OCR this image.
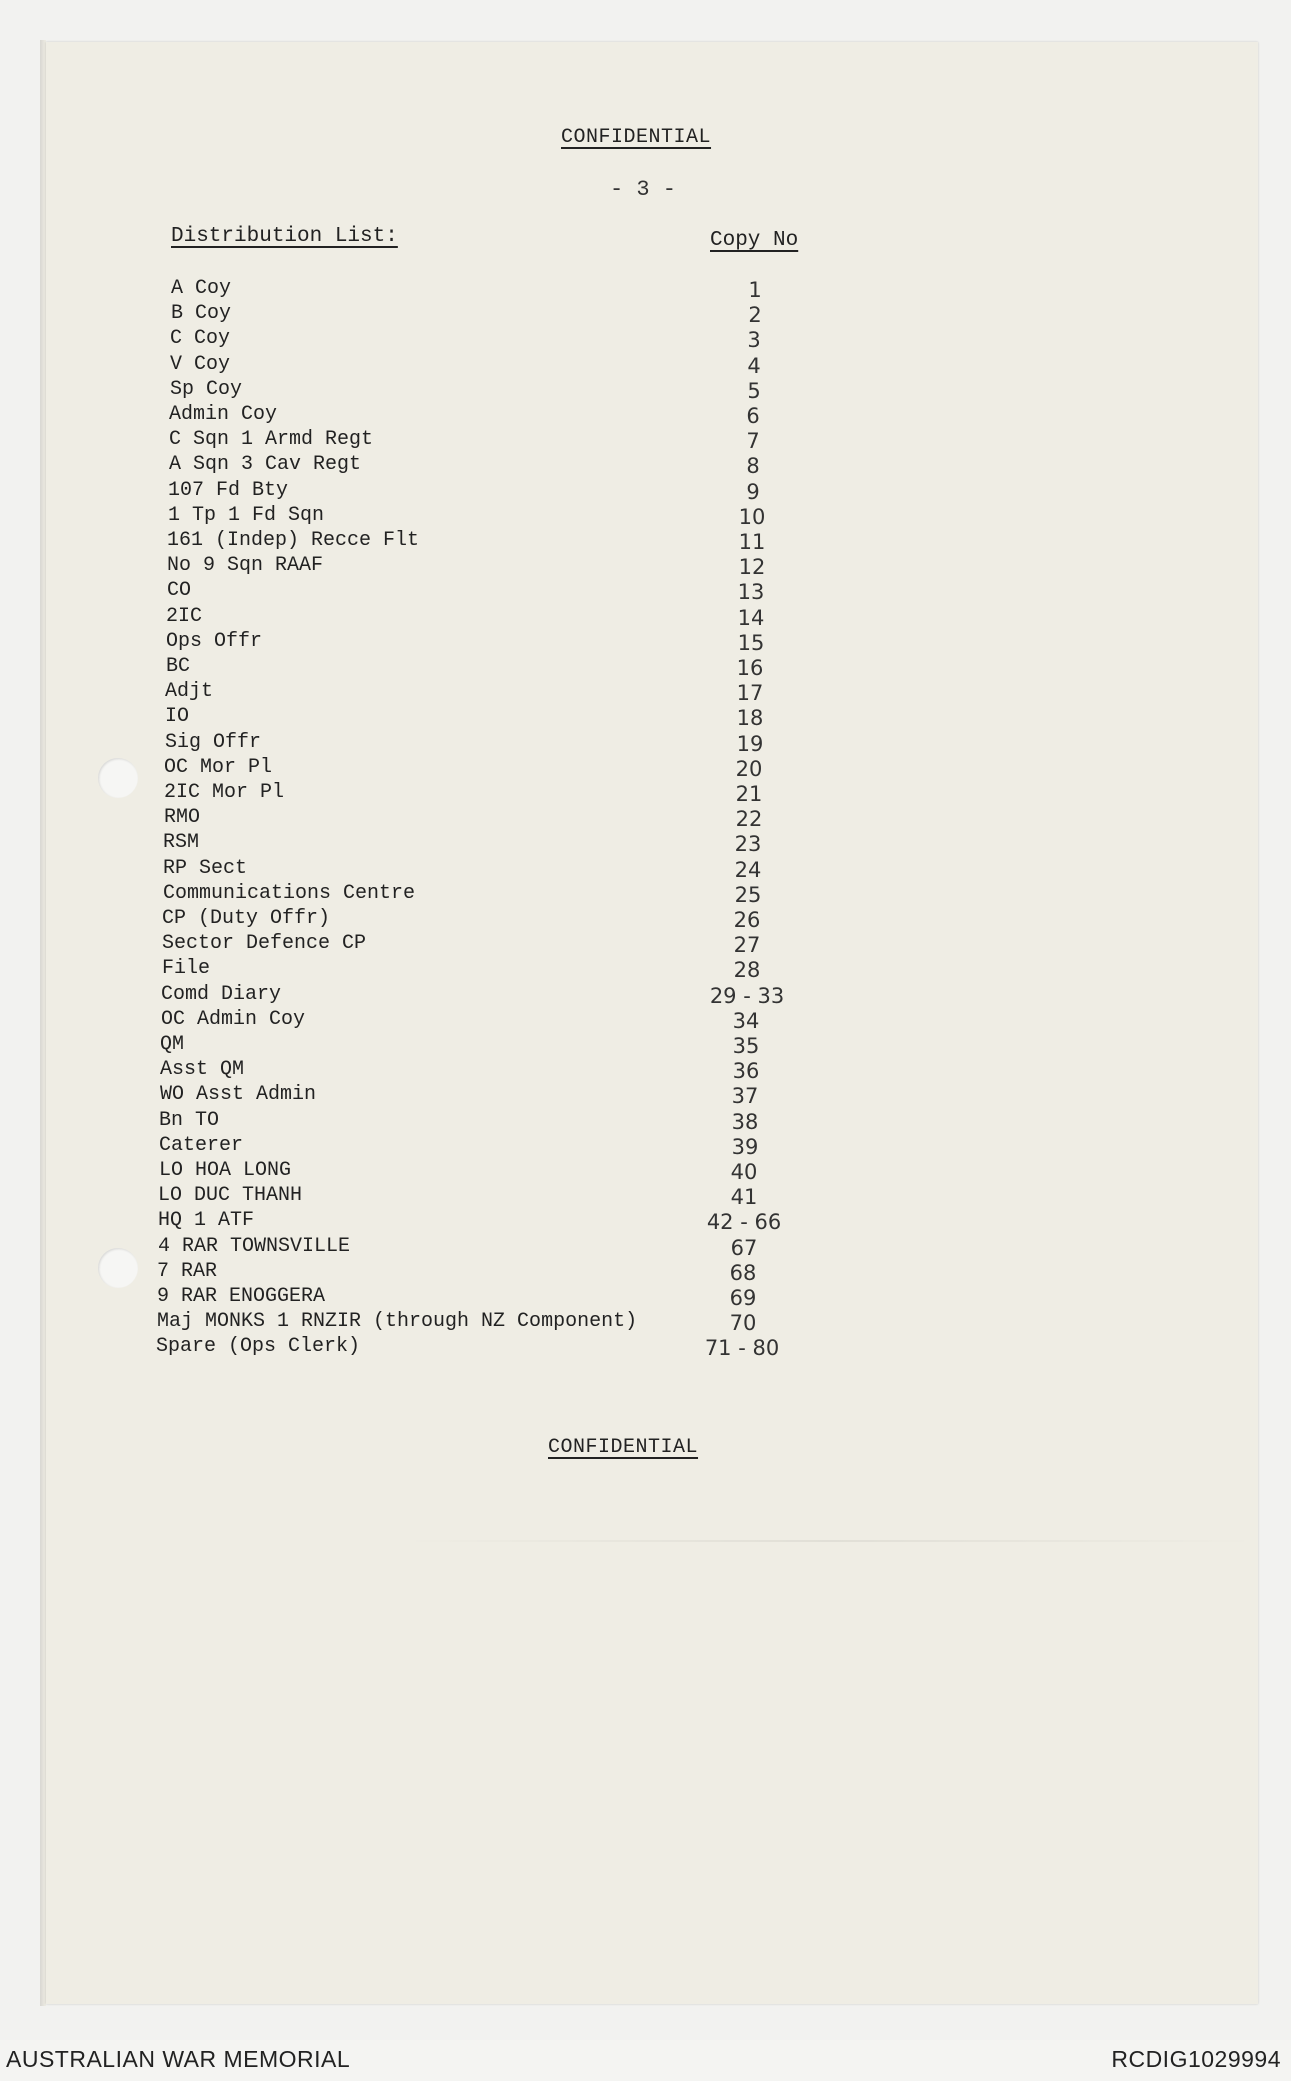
CONFIDENTIAL
- 3 -
Distribution List:	Copy No
A Coy	1
B Coy	2
C Coy	3
V Coy	4
Sp Coy	5
Admin Coy	6
C Sqn 1 Armd Regt	7
A Sqn 3 Cav Regt	8
107 Fd Bty	9
1 Tp 1 Fd Sqn	10
161 (Indep) Recce Flt	11
No 9 Sqn RAAF	12
CO	13
2IC	14
Ops Offr	15
BC	16
Adjt	17
IO	18
Sig Offr	19
OC Mor Pl	20
2IC Mor Pl	21
RMO	22
RSM	23
RP Sect	24
Communications Centre	25
CP (Duty Offr)	26
Sector Defence CP	27
File	28
Comd Diary	29 - 33
OC Admin Coy	34
QM	35
Asst QM	36
WO Asst Admin	37
Bn TO	38
Caterer	39
LO HOA LONG	40
LO DUC THANH	41
HQ 1 ATF	42 - 66
4 RAR TOWNSVILLE	67
7 RAR	68
9 RAR ENOGGERA	69
Maj MONKS 1 RNZIR (through NZ Component)	70
Spare (Ops Clerk)	71 - 80
CONFIDENTIAL
AUSTRALIAN WAR MEMORIAL	RCDIG1029994
